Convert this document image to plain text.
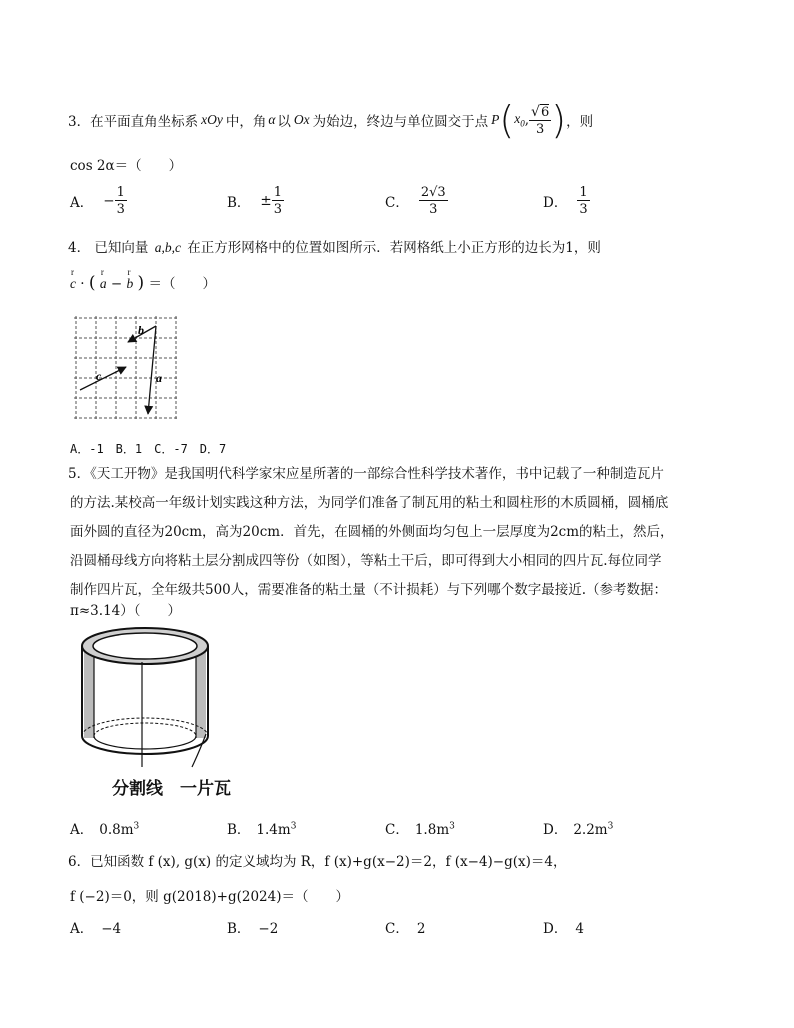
3． 在平面直角坐标系 xOy 中，角 α 以 Ox 为始边，终边与单位圆交于点 P ( $x_0$ , $\frac{√6}{3}$ ) ，则
cos 2α＝（　　）
A． − $\frac{1}{3}$	B． ± $\frac{1}{3}$	C． $\frac{2√3}{3}$	D． $\frac{1}{3}$
4． 已知向量 a,b,c 在正方形网格中的位置如图所示．若网格纸上小正方形的边长为1，则
r
c · (
r
a −
r
b ) ＝（　　）
a
b
c
A．-1　B．1　C．-7　D．7
5．《天工开物》是我国明代科学家宋应星所著的一部综合性科学技术著作，书中记载了一种制造瓦片
的方法.某校高一年级计划实践这种方法，为同学们准备了制瓦用的粘土和圆柱形的木质圆桶，圆桶底
面外圆的直径为20cm，高为20cm．首先，在圆桶的外侧面均匀包上一层厚度为2cm的粘土，然后，
沿圆桶母线方向将粘土层分割成四等份（如图），等粘土干后，即可得到大小相同的四片瓦.每位同学
制作四片瓦，全年级共500人，需要准备的粘土量（不计损耗）与下列哪个数字最接近.（参考数据：
π≈3.14）（　　）
分割线　一片瓦
A． $0.8m^3$	B． $1.4m^3$	C． $1.8m^3$	D． $2.2m^3$
6．已知函数 f (x), g(x) 的定义域均为 R，f (x)+g(x−2)＝2，f (x−4)−g(x)＝4，
f (−2)＝0，则 g(2018)+g(2024)＝（　　）
A． −4	B． −2	C． 2	D． 4
